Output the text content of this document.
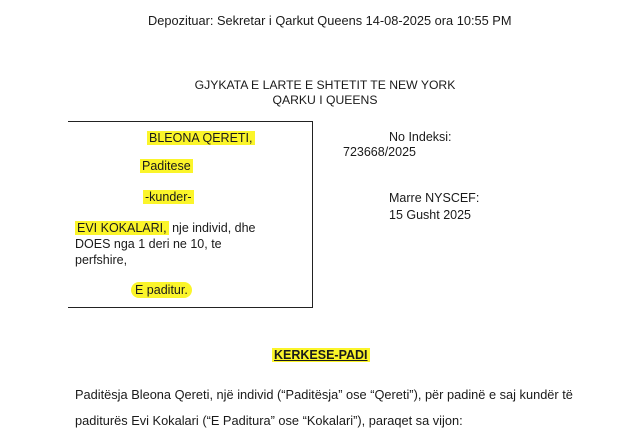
Depozituar: Sekretar i Qarkut Queens 14-08-2025 ora 10:55 PM
GJYKATA E LARTE E SHTETIT TE NEW YORK
QARKU I QUEENS
BLEONA QERETI,
Paditese
-kunder-
EVI KOKALARI, nje individ, dhe
DOES nga 1 deri ne 10, te
perfshire,
E paditur.
No Indeksi:
723668/2025
Marre NYSCEF:
15 Gusht 2025
KERKESE-PADI
Paditësja Bleona Qereti, një individ (“Paditësja” ose “Qereti”), për padinë e saj kundër të
paditurës Evi Kokalari (“E Paditura” ose “Kokalari”), paraqet sa vijon:
